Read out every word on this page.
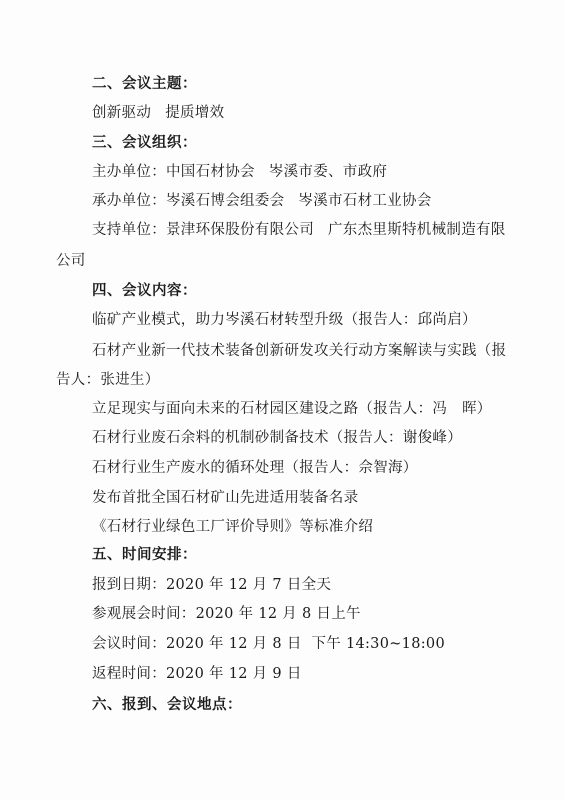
二、会议主题：
创新驱动 提质增效
三、会议组织：
主办单位：中国石材协会 岑溪市委、市政府
承办单位：岑溪石博会组委会 岑溪市石材工业协会
支持单位：景津环保股份有限公司 广东杰里斯特机械制造有限
公司
四、会议内容：
临矿产业模式，助力岑溪石材转型升级（报告人：邱尚启）
石材产业新一代技术装备创新研发攻关行动方案解读与实践（报
告人：张进生）
立足现实与面向未来的石材园区建设之路（报告人：冯　晖）
石材行业废石余料的机制砂制备技术（报告人：谢俊峰）
石材行业生产废水的循环处理（报告人：佘智海）
发布首批全国石材矿山先进适用装备名录
《石材行业绿色工厂评价导则》等标准介绍
五、时间安排：
报到日期：2020 年 12 月 7 日全天
参观展会时间：2020 年 12 月 8 日上午
会议时间：2020 年 12 月 8 日  下午 14:30~18:00
返程时间：2020 年 12 月 9 日
六、报到、会议地点：
